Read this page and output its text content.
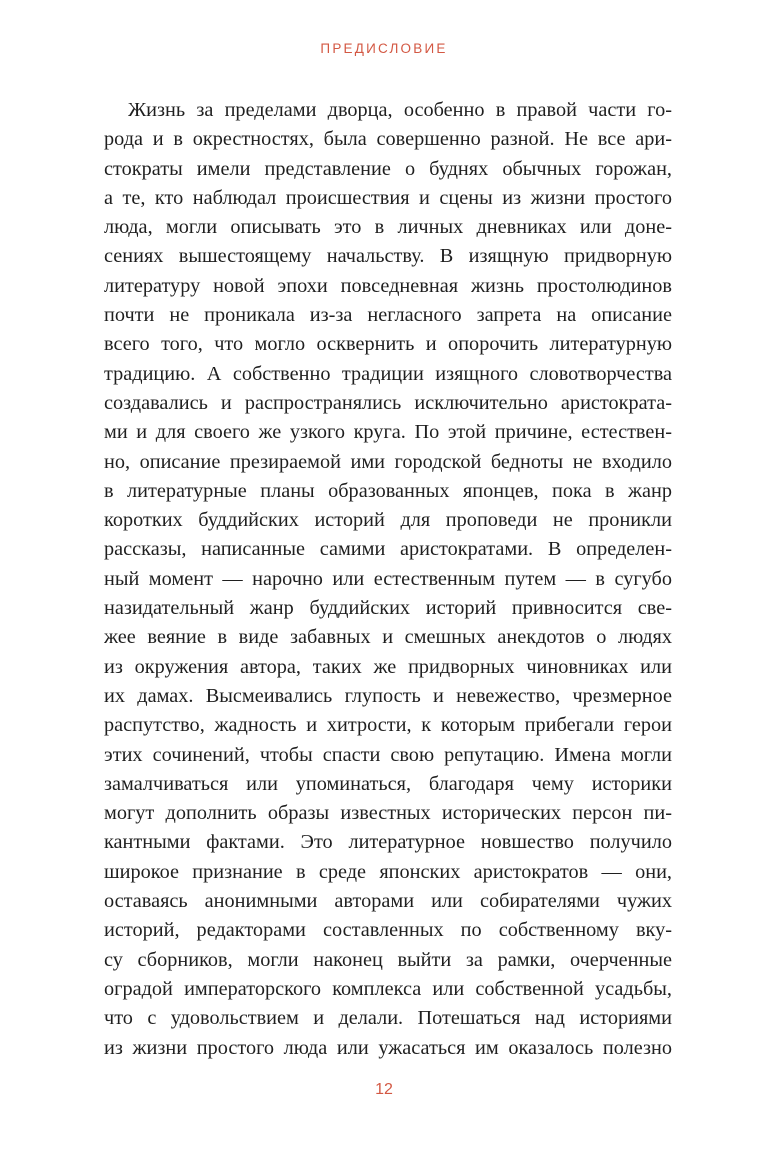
ПРЕДИСЛОВИЕ
Жизнь за пределами дворца, особенно в правой части го-
рода и в окрестностях, была совершенно разной. Не все ари-
стократы имели представление о буднях обычных горожан,
а те, кто наблюдал происшествия и сцены из жизни простого
люда, могли описывать это в личных дневниках или доне-
сениях вышестоящему начальству. В изящную придворную
литературу новой эпохи повседневная жизнь простолюдинов
почти не проникала из-за негласного запрета на описание
всего того, что могло осквернить и опорочить литературную
традицию. А собственно традиции изящного словотворчества
создавались и распространялись исключительно аристократа-
ми и для своего же узкого круга. По этой причине, естествен-
но, описание презираемой ими городской бедноты не входило
в литературные планы образованных японцев, пока в жанр
коротких буддийских историй для проповеди не проникли
рассказы, написанные самими аристократами. В определен-
ный момент — нарочно или естественным путем — в сугубо
назидательный жанр буддийских историй привносится све-
жее веяние в виде забавных и смешных анекдотов о людях
из окружения автора, таких же придворных чиновниках или
их дамах. Высмеивались глупость и невежество, чрезмерное
распутство, жадность и хитрости, к которым прибегали герои
этих сочинений, чтобы спасти свою репутацию. Имена могли
замалчиваться или упоминаться, благодаря чему историки
могут дополнить образы известных исторических персон пи-
кантными фактами. Это литературное новшество получило
широкое признание в среде японских аристократов — они,
оставаясь анонимными авторами или собирателями чужих
историй, редакторами составленных по собственному вку-
су сборников, могли наконец выйти за рамки, очерченные
оградой императорского комплекса или собственной усадьбы,
что с удовольствием и делали. Потешаться над историями
из жизни простого люда или ужасаться им оказалось полезно
12
